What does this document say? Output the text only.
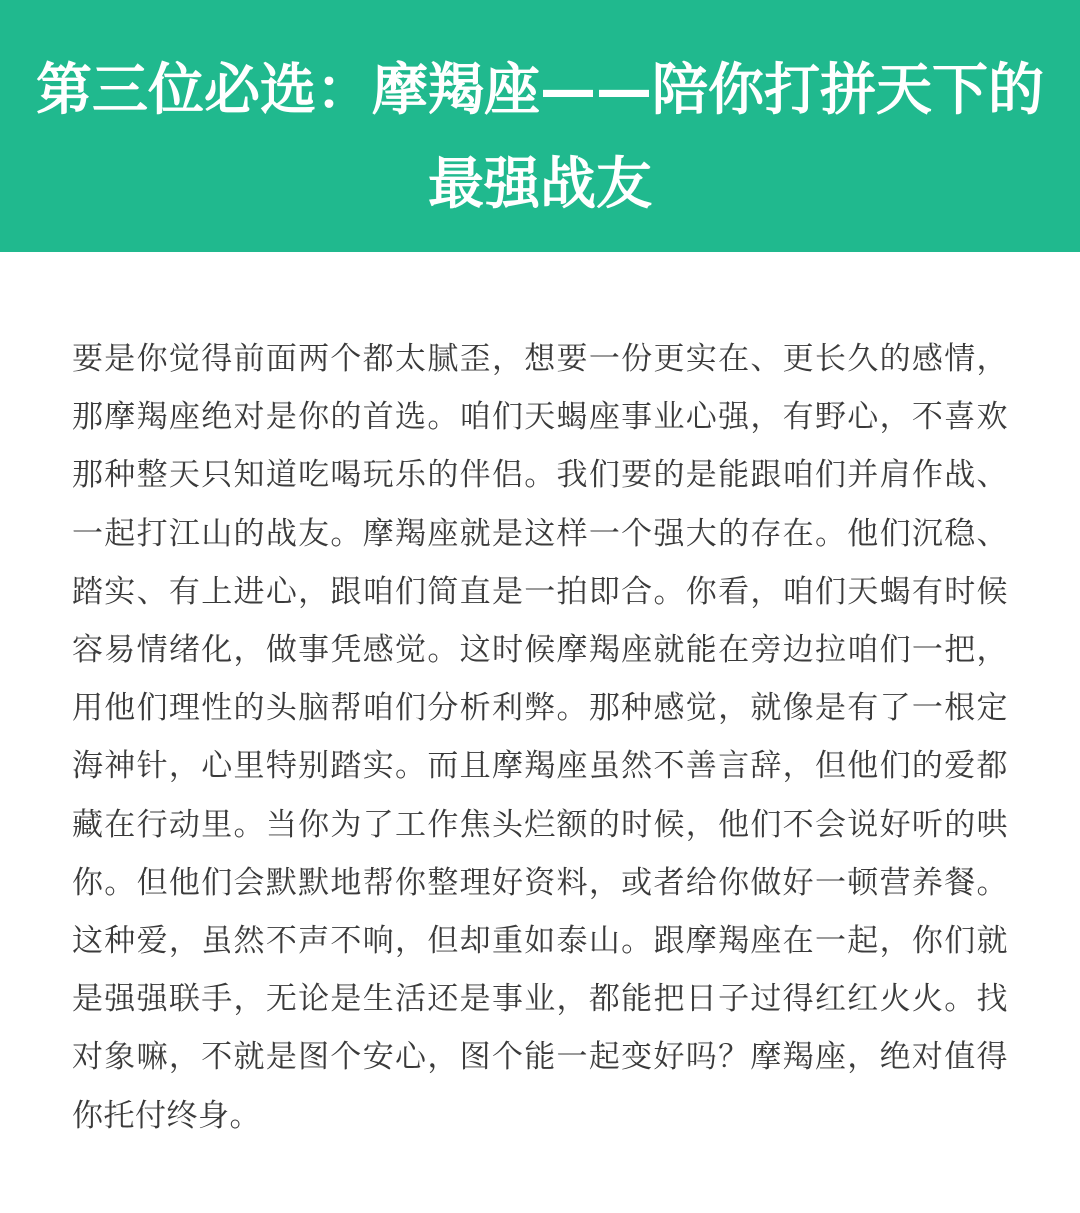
第三位必选：摩羯座——陪你打拼天下的最强战友

要是你觉得前面两个都太腻歪，想要一份更实在、更长久的感情，那摩羯座绝对是你的首选。咱们天蝎座事业心强，有野心，不喜欢那种整天只知道吃喝玩乐的伴侣。我们要的是能跟咱们并肩作战、一起打江山的战友。摩羯座就是这样一个强大的存在。他们沉稳、踏实、有上进心，跟咱们简直是一拍即合。你看，咱们天蝎有时候容易情绪化，做事凭感觉。这时候摩羯座就能在旁边拉咱们一把，用他们理性的头脑帮咱们分析利弊。那种感觉，就像是有了一根定海神针，心里特别踏实。而且摩羯座虽然不善言辞，但他们的爱都藏在行动里。当你为了工作焦头烂额的时候，他们不会说好听的哄你。但他们会默默地帮你整理好资料，或者给你做好一顿营养餐。这种爱，虽然不声不响，但却重如泰山。跟摩羯座在一起，你们就是强强联手，无论是生活还是事业，都能把日子过得红红火火。找对象嘛，不就是图个安心，图个能一起变好吗？摩羯座，绝对值得你托付终身。
